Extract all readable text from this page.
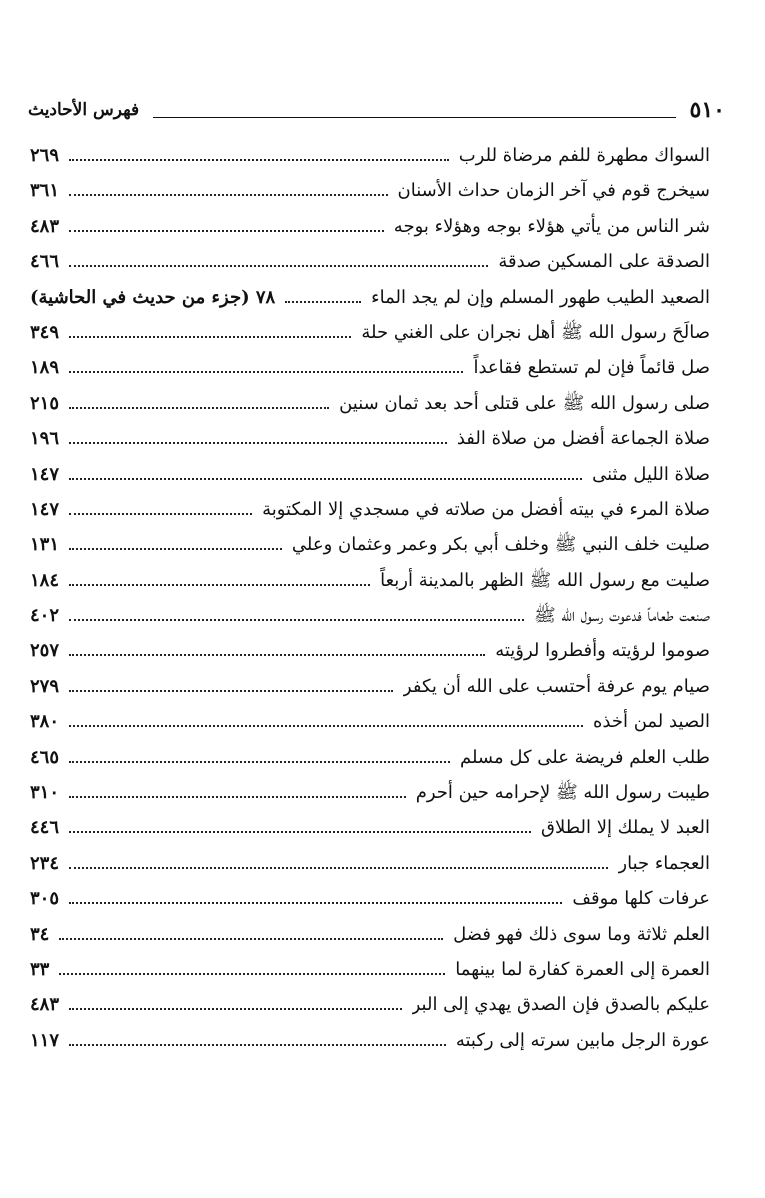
٥١٠
فهرس الأحاديث
السواك مطهرة للفم مرضاة للرب
٢٦٩
سيخرج قوم في آخر الزمان حداث الأسنان
٣٦١
شر الناس من يأتي هؤلاء بوجه وهؤلاء بوجه
٤٨٣
الصدقة على المسكين صدقة
٤٦٦
الصعيد الطيب طهور المسلم وإن لم يجد الماء
٧٨ (جزء من حديث في الحاشية)
صالَحَ رسول الله ﷺ أهل نجران على الغني حلة
٣٤٩
صل قائماً فإن لم تستطع فقاعداً
١٨٩
صلى رسول الله ﷺ على قتلى أحد بعد ثمان سنين
٢١٥
صلاة الجماعة أفضل من صلاة الفذ
١٩٦
صلاة الليل مثنى
١٤٧
صلاة المرء في بيته أفضل من صلاته في مسجدي إلا المكتوبة
١٤٧
صليت خلف النبي ﷺ وخلف أبي بكر وعمر وعثمان وعلي
١٣١
صليت مع رسول الله ﷺ الظهر بالمدينة أربعاً
١٨٤
صنعت طعاماً فدعوت رسول الله ﷺ
٤٠٢
صوموا لرؤيته وأفطروا لرؤيته
٢٥٧
صيام يوم عرفة أحتسب على الله أن يكفر
٢٧٩
الصيد لمن أخذه
٣٨٠
طلب العلم فريضة على كل مسلم
٤٦٥
طيبت رسول الله ﷺ لإحرامه حين أحرم
٣١٠
العبد لا يملك إلا الطلاق
٤٤٦
العجماء جبار
٢٣٤
عرفات كلها موقف
٣٠٥
العلم ثلاثة وما سوى ذلك فهو فضل
٣٤
العمرة إلى العمرة كفارة لما بينهما
٣٣
عليكم بالصدق فإن الصدق يهدي إلى البر
٤٨٣
عورة الرجل مابين سرته إلى ركبته
١١٧
